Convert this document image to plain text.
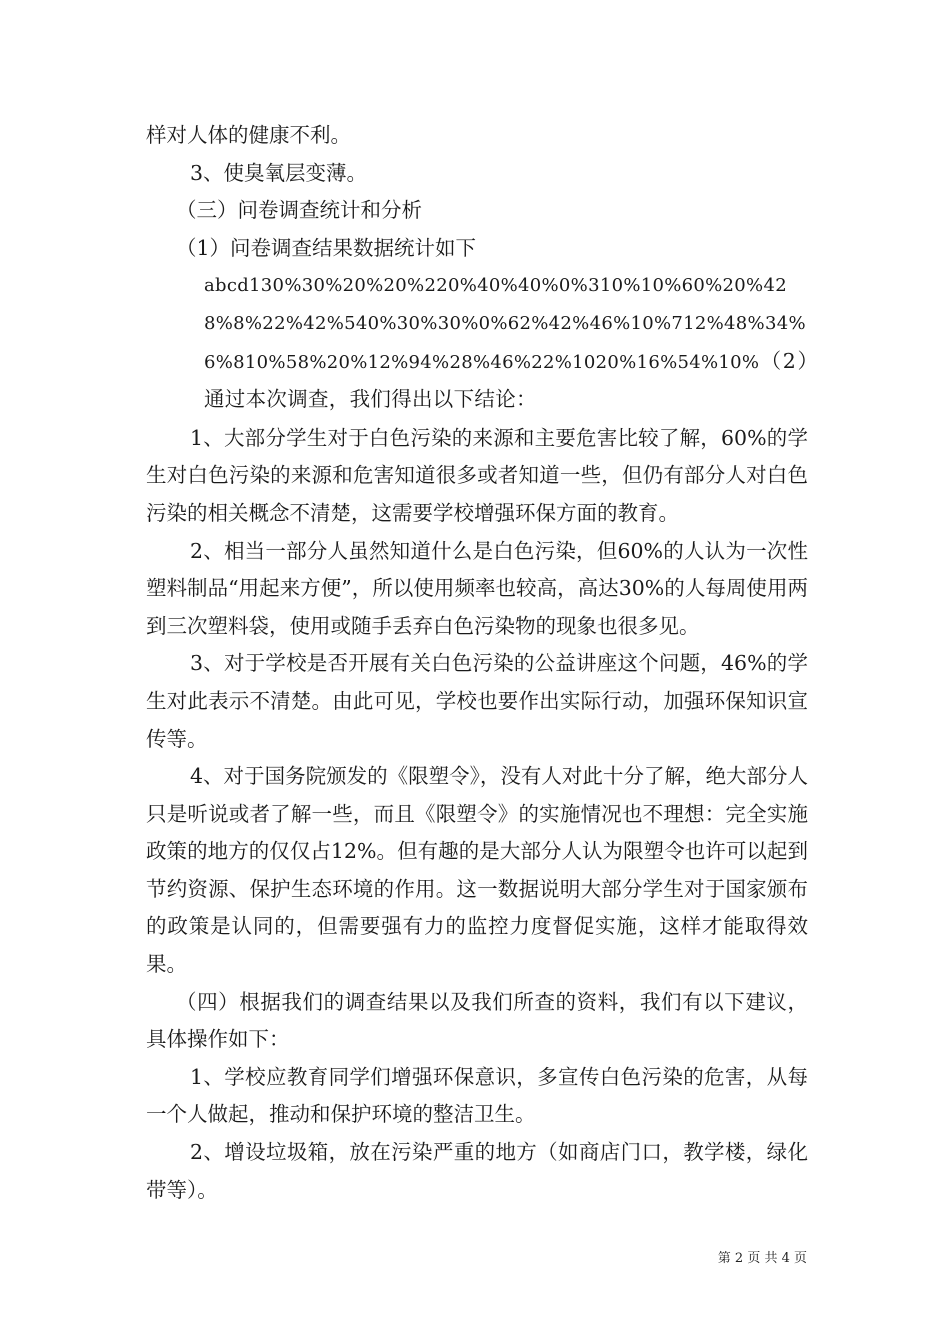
样对人体的健康不利。

3、使臭氧层变薄。

（三）问卷调查统计和分析

（1）问卷调查结果数据统计如下

abcd130%30%20%20%220%40%40%0%310%10%60%20%428%8%22%42%540%30%30%0%62%42%46%10%712%48%34%6%810%58%20%12%94%28%46%22%1020%16%54%10%（2）通过本次调查，我们得出以下结论：

1、大部分学生对于白色污染的来源和主要危害比较了解，60%的学生对白色污染的来源和危害知道很多或者知道一些，但仍有部分人对白色污染的相关概念不清楚，这需要学校增强环保方面的教育。

2、相当一部分人虽然知道什么是白色污染，但60%的人认为一次性塑料制品“用起来方便”，所以使用频率也较高，高达30%的人每周使用两到三次塑料袋，使用或随手丢弃白色污染物的现象也很多见。

3、对于学校是否开展有关白色污染的公益讲座这个问题，46%的学生对此表示不清楚。由此可见，学校也要作出实际行动，加强环保知识宣传等。

4、对于国务院颁发的《限塑令》，没有人对此十分了解，绝大部分人只是听说或者了解一些，而且《限塑令》的实施情况也不理想：完全实施政策的地方的仅仅占12%。但有趣的是大部分人认为限塑令也许可以起到节约资源、保护生态环境的作用。这一数据说明大部分学生对于国家颁布的政策是认同的，但需要强有力的监控力度督促实施，这样才能取得效果。

（四）根据我们的调查结果以及我们所查的资料，我们有以下建议，具体操作如下：

1、学校应教育同学们增强环保意识，多宣传白色污染的危害，从每一个人做起，推动和保护环境的整洁卫生。

2、增设垃圾箱，放在污染严重的地方（如商店门口，教学楼，绿化带等）。

第 2 页 共 4 页
